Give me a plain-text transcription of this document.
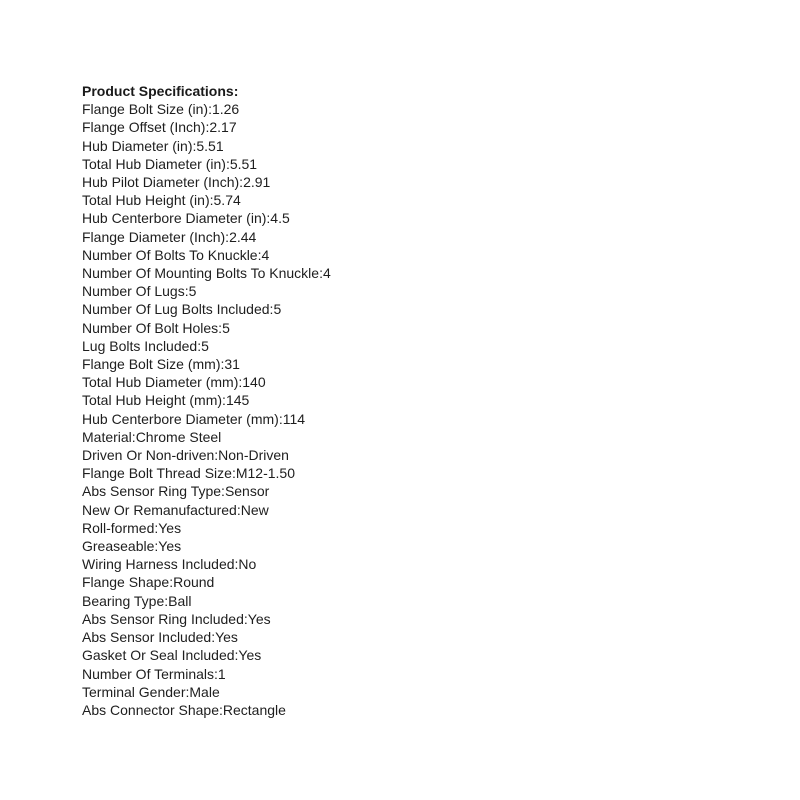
Product Specifications:
Flange Bolt Size (in):1.26
Flange Offset (Inch):2.17
Hub Diameter (in):5.51
Total Hub Diameter (in):5.51
Hub Pilot Diameter (Inch):2.91
Total Hub Height (in):5.74
Hub Centerbore Diameter (in):4.5
Flange Diameter (Inch):2.44
Number Of Bolts To Knuckle:4
Number Of Mounting Bolts To Knuckle:4
Number Of Lugs:5
Number Of Lug Bolts Included:5
Number Of Bolt Holes:5
Lug Bolts Included:5
Flange Bolt Size (mm):31
Total Hub Diameter (mm):140
Total Hub Height (mm):145
Hub Centerbore Diameter (mm):114
Material:Chrome Steel
Driven Or Non-driven:Non-Driven
Flange Bolt Thread Size:M12-1.50
Abs Sensor Ring Type:Sensor
New Or Remanufactured:New
Roll-formed:Yes
Greaseable:Yes
Wiring Harness Included:No
Flange Shape:Round
Bearing Type:Ball
Abs Sensor Ring Included:Yes
Abs Sensor Included:Yes
Gasket Or Seal Included:Yes
Number Of Terminals:1
Terminal Gender:Male
Abs Connector Shape:Rectangle
